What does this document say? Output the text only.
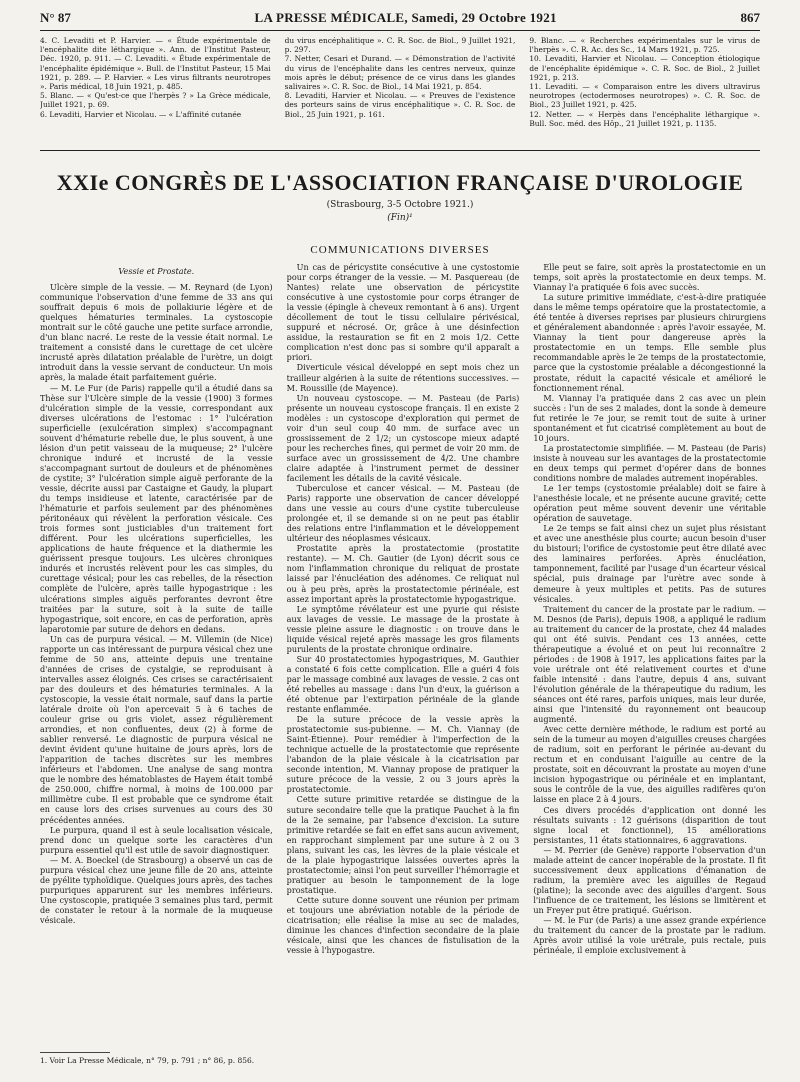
N° 87	LA PRESSE MÉDICALE, Samedi, 29 Octobre 1921	867

4. C. Levaditi et P. Harvier. — « Étude expérimentale de l'encéphalite dite léthargique ». Ann. de l'Institut Pasteur, Déc. 1920, p. 911. — C. Levaditi. « Étude expérimentale de l'encéphalite épidémique ». Bull. de l'Institut Pasteur, 15 Mai 1921, p. 289. — P. Harvier. « Les virus filtrants neurotropes ». Paris médical, 18 Juin 1921, p. 485.

5. Blanc. — « Qu'est-ce que l'herpès ? » La Grèce médicale, Juillet 1921, p. 69.

6. Levaditi, Harvier et Nicolau. — « L'affinité cutanée

du virus encéphalitique ». C. R. Soc. de Biol., 9 Juillet 1921, p. 297.

7. Netter, Cesari et Durand. — « Démonstration de l'activité du virus de l'encéphalite dans les centres nerveux, quinze mois après le début; présence de ce virus dans les glandes salivaires ». C. R. Soc. de Biol., 14 Mai 1921, p. 854.

8. Levaditi, Harvier et Nicolau. — « Preuves de l'existence des porteurs sains de virus encéphalitique ». C. R. Soc. de Biol., 25 Juin 1921, p. 161.

9. Blanc. — « Recherches expérimentales sur le virus de l'herpès ». C. R. Ac. des Sc., 14 Mars 1921, p. 725.

10. Levaditi, Harvier et Nicolau. — Conception étiologique de l'encéphalite épidémique ». C. R. Soc. de Biol., 2 Juillet 1921, p. 213.

11. Levaditi. — « Comparaison entre les divers ultravirus neurotropes (ectodermoses neurotropes) ». C. R. Soc. de Biol., 23 Juillet 1921, p. 425.

12. Netter. — « Herpès dans l'encéphalite léthargique ». Bull. Soc. méd. des Hôp., 21 Juillet 1921, p. 1135.

XXIe CONGRÈS DE L'ASSOCIATION FRANÇAISE D'UROLOGIE
(Strasbourg, 3-5 Octobre 1921.)
(Fin)¹
COMMUNICATIONS DIVERSES

Vessie et Prostate.

Ulcère simple de la vessie. — M. Reynard (de Lyon) communique l'observation d'une femme de 33 ans qui souffrait depuis 6 mois de pollakiurie légère et de quelques hématuries terminales. La cystoscopie montrait sur le côté gauche une petite surface arrondie, d'un blanc nacré. Le reste de la vessie était normal. Le traitement a consisté dans le curettage de cet ulcère incrusté après dilatation préalable de l'urètre, un doigt introduit dans la vessie servant de conducteur. Un mois après, la malade était parfaitement guérie.

— M. Le Fur (de Paris) rappelle qu'il a étudié dans sa Thèse sur l'Ulcère simple de la vessie (1900) 3 formes d'ulcération simple de la vessie, correspondant aux diverses ulcérations de l'estomac : 1° l'ulcération superficielle (exulcération simplex) s'accompagnant souvent d'hématurie rebelle due, le plus souvent, à une lésion d'un petit vaisseau de la muqueuse; 2° l'ulcère chronique induré et incrusté de la vessie s'accompagnant surtout de douleurs et de phénomènes de cystite; 3° l'ulcération simple aiguë perforante de la vessie, décrite aussi par Castaigne et Gaudy, la plupart du temps insidieuse et latente, caractérisée par de l'hématurie et parfois seulement par des phénomènes péritonéaux qui révèlent la perforation vésicale. Ces trois formes sont justiciables d'un traitement fort différent. Pour les ulcérations superficielles, les applications de haute fréquence et la diathermie les guérissent presque toujours. Les ulcères chroniques indurés et incrustés relèvent pour les cas simples, du curettage vésical; pour les cas rebelles, de la résection complète de l'ulcère, après taille hypogastrique : les ulcérations simples aiguës perforantes devront être traitées par la suture, soit à la suite de taille hypogastrique, soit encore, en cas de perforation, après laparotomie par suture de dehors en dedans.

Un cas de purpura vésical. — M. Villemin (de Nice) rapporte un cas intéressant de purpura vésical chez une femme de 50 ans, atteinte depuis une trentaine d'années de crises de cystalgie, se reproduisant à intervalles assez éloignés. Ces crises se caractérisaient par des douleurs et des hématuries terminales. A la cystoscopie, la vessie était normale, sauf dans la partie latérale droite où l'on apercevait 5 à 6 taches de couleur grise ou gris violet, assez régulièrement arrondies, et non confluentes, deux (2) à forme de sablier renversé. Le diagnostic de purpura vésical ne devint évident qu'une huitaine de jours après, lors de l'apparition de taches discrètes sur les membres inférieurs et l'abdomen. Une analyse de sang montra que le nombre des hématoblastes de Hayem était tombé de 250.000, chiffre normal, à moins de 100.000 par millimètre cube. Il est probable que ce syndrome était en cause lors des crises survenues au cours des 30 précédentes années.

Le purpura, quand il est à seule localisation vésicale, prend donc un quelque sorte les caractères d'un purpura essentiel qu'il est utile de savoir diagnostiquer.

— M. A. Boeckel (de Strasbourg) a observé un cas de purpura vésical chez une jeune fille de 20 ans, atteinte de pyélite typhoïdique. Quelques jours après, des taches purpuriques apparurent sur les membres inférieurs. Une cystoscopie, pratiquée 3 semaines plus tard, permit de constater le retour à la normale de la muqueuse vésicale.

Un cas de péricystite consécutive à une cystostomie pour corps étranger de la vessie. — M. Pasquereau (de Nantes) relate une observation de péricystite consécutive à une cystostomie pour corps étranger de la vessie (épingle à cheveux remontant à 6 ans). Urgent décollement de tout le tissu cellulaire périvésical, suppuré et nécrosé. Or, grâce à une désinfection assidue, la restauration se fit en 2 mois 1/2. Cette complication n'est donc pas si sombre qu'il apparaît a priori.

Diverticule vésical développé en sept mois chez un trailleur algérien à la suite de rétentions successives. — M. Roussille (de Mayence).

Un nouveau cystoscope. — M. Pasteau (de Paris) présente un nouveau cystoscope français. Il en existe 2 modèles : un cystoscope d'exploration qui permet de voir d'un seul coup 40 mm. de surface avec un grossissement de 2 1/2; un cystoscope mieux adapté pour les recherches fines, qui permet de voir 20 mm. de surface avec un grossissement de 4/2. Une chambre claire adaptée à l'instrument permet de dessiner facilement les détails de la cavité vésicale.

Tuberculose et cancer vésical. — M. Pasteau (de Paris) rapporte une observation de cancer développé dans une vessie au cours d'une cystite tuberculeuse prolongée et, il se demande si on ne peut pas établir des relations entre l'inflammation et le développement ultérieur des néoplasmes vésicaux.

Prostatite après la prostatectomie (prostatite restante). — M. Ch. Gautier (de Lyon) décrit sous ce nom l'inflammation chronique du reliquat de prostate laissé par l'énucléation des adénomes. Ce reliquat nul ou à peu près, après la prostatectomie périnéale, est assez important après la prostatectomie hypogastrique.

Le symptôme révélateur est une pyurie qui résiste aux lavages de vessie. Le massage de la prostate à vessie pleine assure le diagnostic : on trouve dans le liquide vésical rejeté après massage les gros filaments purulents de la prostate chronique ordinaire.

Sur 40 prostatectomies hypogastriques, M. Gauthier a constaté 6 fois cette complication. Elle a guéri 4 fois par le massage combiné aux lavages de vessie. 2 cas ont été rebelles au massage : dans l'un d'eux, la guérison a été obtenue par l'extirpation périnéale de la glande restante enflammée.

De la suture précoce de la vessie après la prostatectomie sus-pubienne. — M. Ch. Viannay (de Saint-Étienne). Pour remédier à l'imperfection de la technique actuelle de la prostatectomie que représente l'abandon de la plaie vésicale à la cicatrisation par seconde intention, M. Viannay propose de pratiquer la suture précoce de la vessie, 2 ou 3 jours après la prostatectomie.

Cette suture primitive retardée se distingue de la suture secondaire telle que la pratique Pauchet à la fin de la 2e semaine, par l'absence d'excision. La suture primitive retardée se fait en effet sans aucun avivement, en rapprochant simplement par une suture à 2 ou 3 plans, suivant les cas, les lèvres de la plaie vésicale et de la plaie hypogastrique laissées ouvertes après la prostatectomie; ainsi l'on peut surveiller l'hémorragie et pratiquer au besoin le tamponnement de la loge prostatique.

Cette suture donne souvent une réunion per primam et toujours une abréviation notable de la période de cicatrisation; elle réalise la mise au sec de malades, diminue les chances d'infection secondaire de la plaie vésicale, ainsi que les chances de fistulisation de la vessie à l'hypogastre.

Elle peut se faire, soit après la prostatectomie en un temps, soit après la prostatectomie en deux temps. M. Viannay l'a pratiquée 6 fois avec succès.

La suture primitive immédiate, c'est-à-dire pratiquée dans le même temps opératoire que la prostatectomie, a été tentée à diverses reprises par plusieurs chirurgiens et généralement abandonnée : après l'avoir essayée, M. Viannay la tient pour dangereuse après la prostatectomie en un temps. Elle semble plus recommandable après le 2e temps de la prostatectomie, parce que la cystostomie préalable a décongestionné la prostate, réduit la capacité vésicale et amélioré le fonctionnement rénal.

M. Viannay l'a pratiquée dans 2 cas avec un plein succès : l'un de ses 2 malades, dont la sonde à demeure fut retirée le 7e jour, se remit tout de suite à uriner spontanément et fut cicatrisé complètement au bout de 10 jours.

La prostatectomie simplifiée. — M. Pasteau (de Paris) insiste à nouveau sur les avantages de la prostatectomie en deux temps qui permet d'opérer dans de bonnes conditions nombre de malades autrement inopérables.

Le 1er temps (cystostomie préalable) doit se faire à l'anesthésie locale, et ne présente aucune gravité; cette opération peut même souvent devenir une véritable opération de sauvetage.

Le 2e temps se fait ainsi chez un sujet plus résistant et avec une anesthésie plus courte; aucun besoin d'user du bistouri; l'orifice de cystostomie peut être dilaté avec des laminaires perforées. Après énucléation, tamponnement, facilité par l'usage d'un écarteur vésical spécial, puis drainage par l'urètre avec sonde à demeure à yeux multiples et petits. Pas de sutures vésicales.

Traitement du cancer de la prostate par le radium. — M. Desnos (de Paris), depuis 1908, a appliqué le radium au traitement du cancer de la prostate, chez 44 malades qui ont été suivis. Pendant ces 13 années, cette thérapeutique a évolué et on peut lui reconnaître 2 périodes : de 1908 à 1917, les applications faites par la voie urétrale ont été relativement courtes et d'une faible intensité : dans l'autre, depuis 4 ans, suivant l'évolution générale de la thérapeutique du radium, les séances ont été rares, parfois uniques, mais leur durée, ainsi que l'intensité du rayonnement ont beaucoup augmenté.

Avec cette dernière méthode, le radium est porté au sein de la tumeur au moyen d'aiguilles creuses chargées de radium, soit en perforant le périnée au-devant du rectum et en conduisant l'aiguille au centre de la prostate, soit en découvrant la prostate au moyen d'une incision hypogastrique ou périnéale et en implantant, sous le contrôle de la vue, des aiguilles radifères qu'on laisse en place 2 à 4 jours.

Ces divers procédés d'application ont donné les résultats suivants : 12 guérisons (disparition de tout signe local et fonctionnel), 15 améliorations persistantes, 11 états stationnaires, 6 aggravations.

— M. Perrier (de Genève) rapporte l'observation d'un malade atteint de cancer inopérable de la prostate. Il fit successivement deux applications d'émanation de radium, la première avec les aiguilles de Regaud (platine); la seconde avec des aiguilles d'argent. Sous l'influence de ce traitement, les lésions se limitèrent et un Freyer put être pratiqué. Guérison.

— M. le Fur (de Paris) a une assez grande expérience du traitement du cancer de la prostate par le radium. Après avoir utilisé la voie urétrale, puis rectale, puis périnéale, il emploie exclusivement à

1. Voir La Presse Médicale, n° 79, p. 791 ; n° 86, p. 856.
